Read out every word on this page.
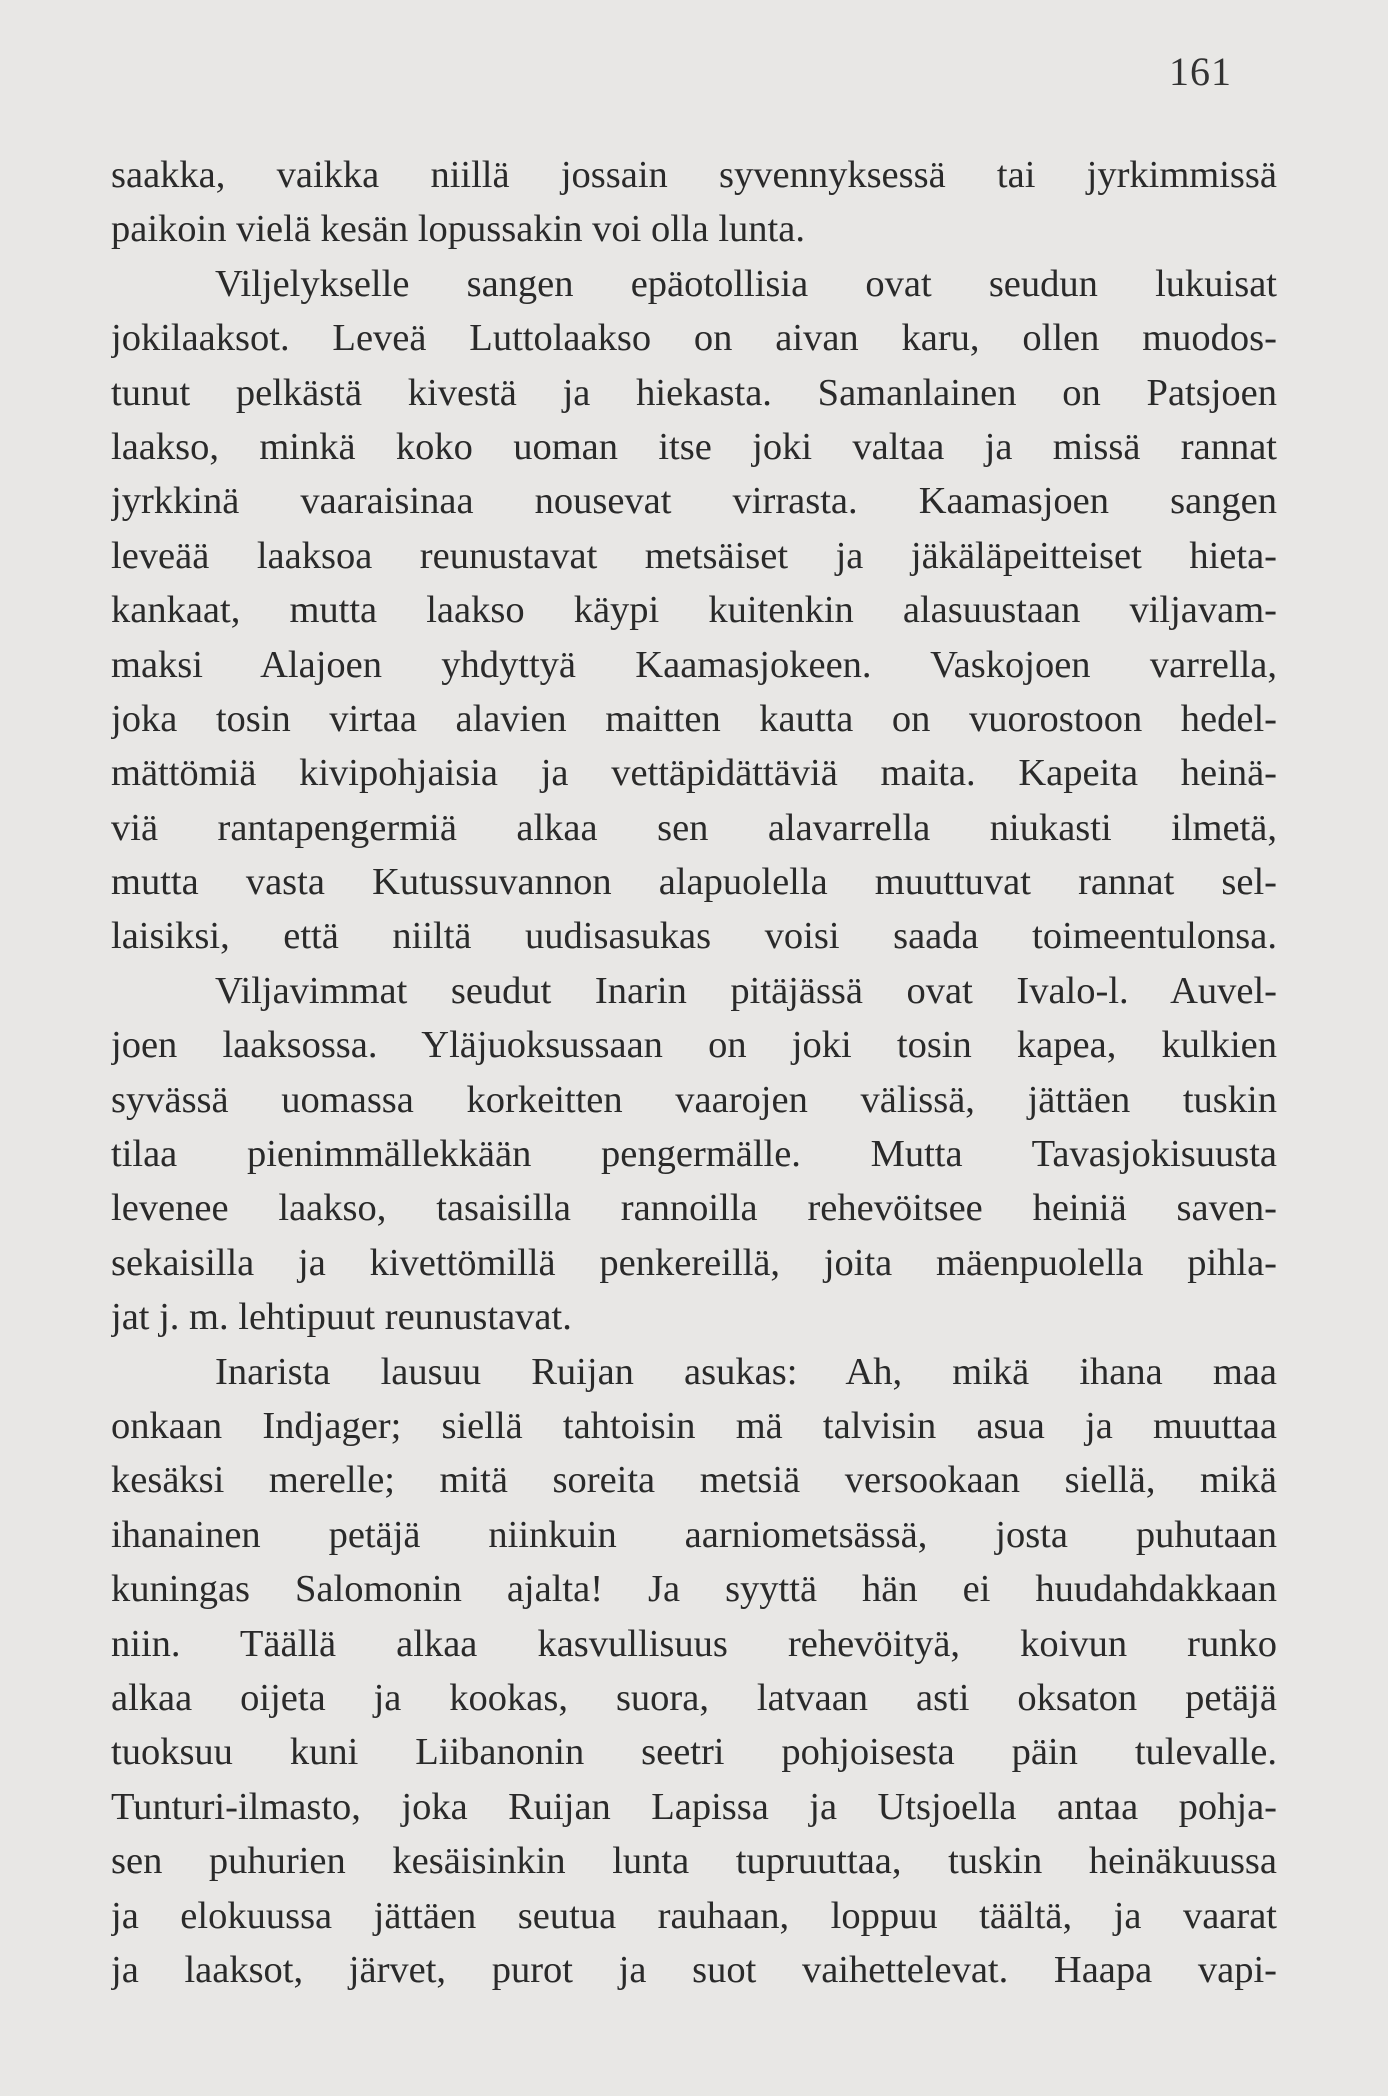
161
saakka, vaikka niillä jossain syvennyksessä tai jyrkimmissä
paikoin vielä kesän lopussakin voi olla lunta.
Viljelykselle sangen epäotollisia ovat seudun lukuisat
jokilaaksot. Leveä Luttolaakso on aivan karu, ollen muodos-
tunut pelkästä kivestä ja hiekasta. Samanlainen on Patsjoen
laakso, minkä koko uoman itse joki valtaa ja missä rannat
jyrkkinä vaaraisinaa nousevat virrasta. Kaamasjoen sangen
leveää laaksoa reunustavat metsäiset ja jäkäläpeitteiset hieta-
kankaat, mutta laakso käypi kuitenkin alasuustaan viljavam-
maksi Alajoen yhdyttyä Kaamasjokeen. Vaskojoen varrella,
joka tosin virtaa alavien maitten kautta on vuorostoon hedel-
mättömiä kivipohjaisia ja vettäpidättäviä maita. Kapeita heinä-
viä rantapengermiä alkaa sen alavarrella niukasti ilmetä,
mutta vasta Kutussuvannon alapuolella muuttuvat rannat sel-
laisiksi, että niiltä uudisasukas voisi saada toimeentulonsa.
Viljavimmat seudut Inarin pitäjässä ovat Ivalo-l. Auvel-
joen laaksossa. Yläjuoksussaan on joki tosin kapea, kulkien
syvässä uomassa korkeitten vaarojen välissä, jättäen tuskin
tilaa pienimmällekkään pengermälle. Mutta Tavasjokisuusta
levenee laakso, tasaisilla rannoilla rehevöitsee heiniä saven-
sekaisilla ja kivettömillä penkereillä, joita mäenpuolella pihla-
jat j. m. lehtipuut reunustavat.
Inarista lausuu Ruijan asukas: Ah, mikä ihana maa
onkaan Indjager; siellä tahtoisin mä talvisin asua ja muuttaa
kesäksi merelle; mitä soreita metsiä versookaan siellä, mikä
ihanainen petäjä niinkuin aarniometsässä, josta puhutaan
kuningas Salomonin ajalta! Ja syyttä hän ei huudahdakkaan
niin. Täällä alkaa kasvullisuus rehevöityä, koivun runko
alkaa oijeta ja kookas, suora, latvaan asti oksaton petäjä
tuoksuu kuni Liibanonin seetri pohjoisesta päin tulevalle.
Tunturi-ilmasto, joka Ruijan Lapissa ja Utsjoella antaa pohja-
sen puhurien kesäisinkin lunta tupruuttaa, tuskin heinäkuussa
ja elokuussa jättäen seutua rauhaan, loppuu täältä, ja vaarat
ja laaksot, järvet, purot ja suot vaihettelevat. Haapa vapi-
